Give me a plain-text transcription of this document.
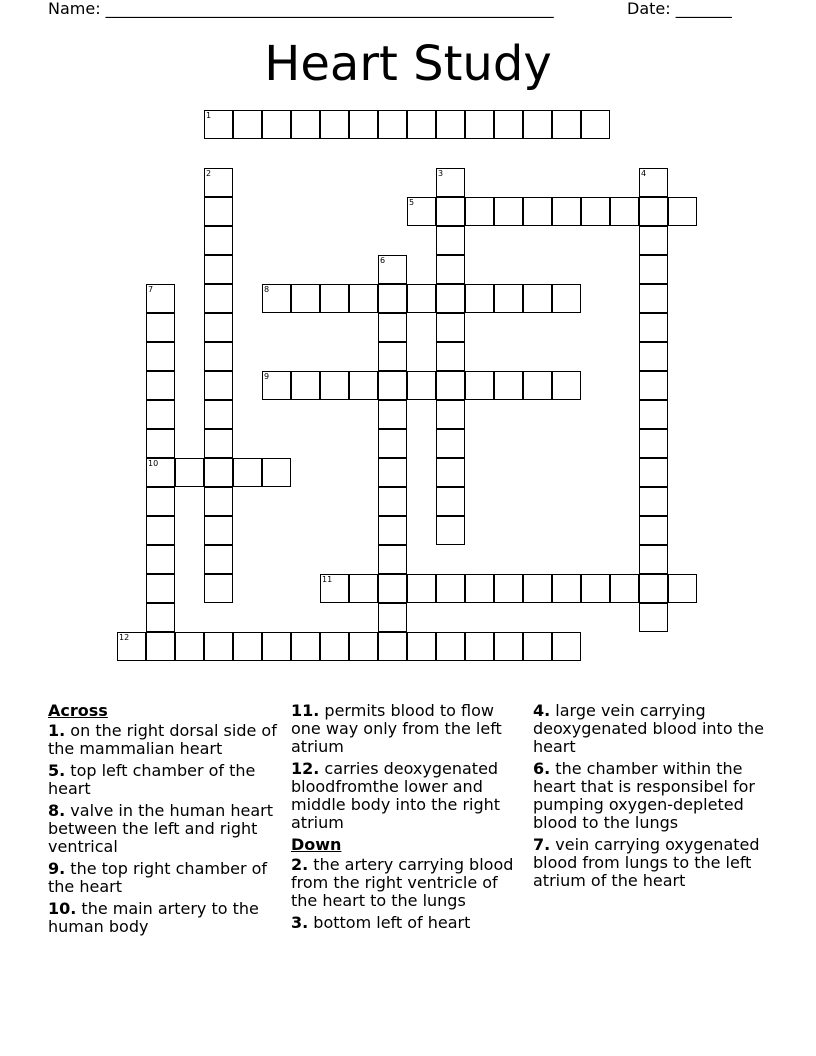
Name: ________________________________________________________	Date: _______
Heart Study
1
2	3	4
5
6
7
10
8
9
11
12
Across
1. on the right dorsal side of the mammalian heart
5. top left chamber of the heart
8. valve in the human heart between the left and right ventrical
9. the top right chamber of the heart
10. the main artery to the human body
11. permits blood to flow one way only from the left atrium
12. carries deoxygenated bloodfromthe lower and middle body into the right atrium
Down
2. the artery carrying blood from the right ventricle of the heart to the lungs
3. bottom left of heart
4. large vein carrying deoxygenated blood into the heart
6. the chamber within the heart that is responsibel for pumping oxygen-depleted blood to the lungs
7. vein carrying oxygenated blood from lungs to the left atrium of the heart
